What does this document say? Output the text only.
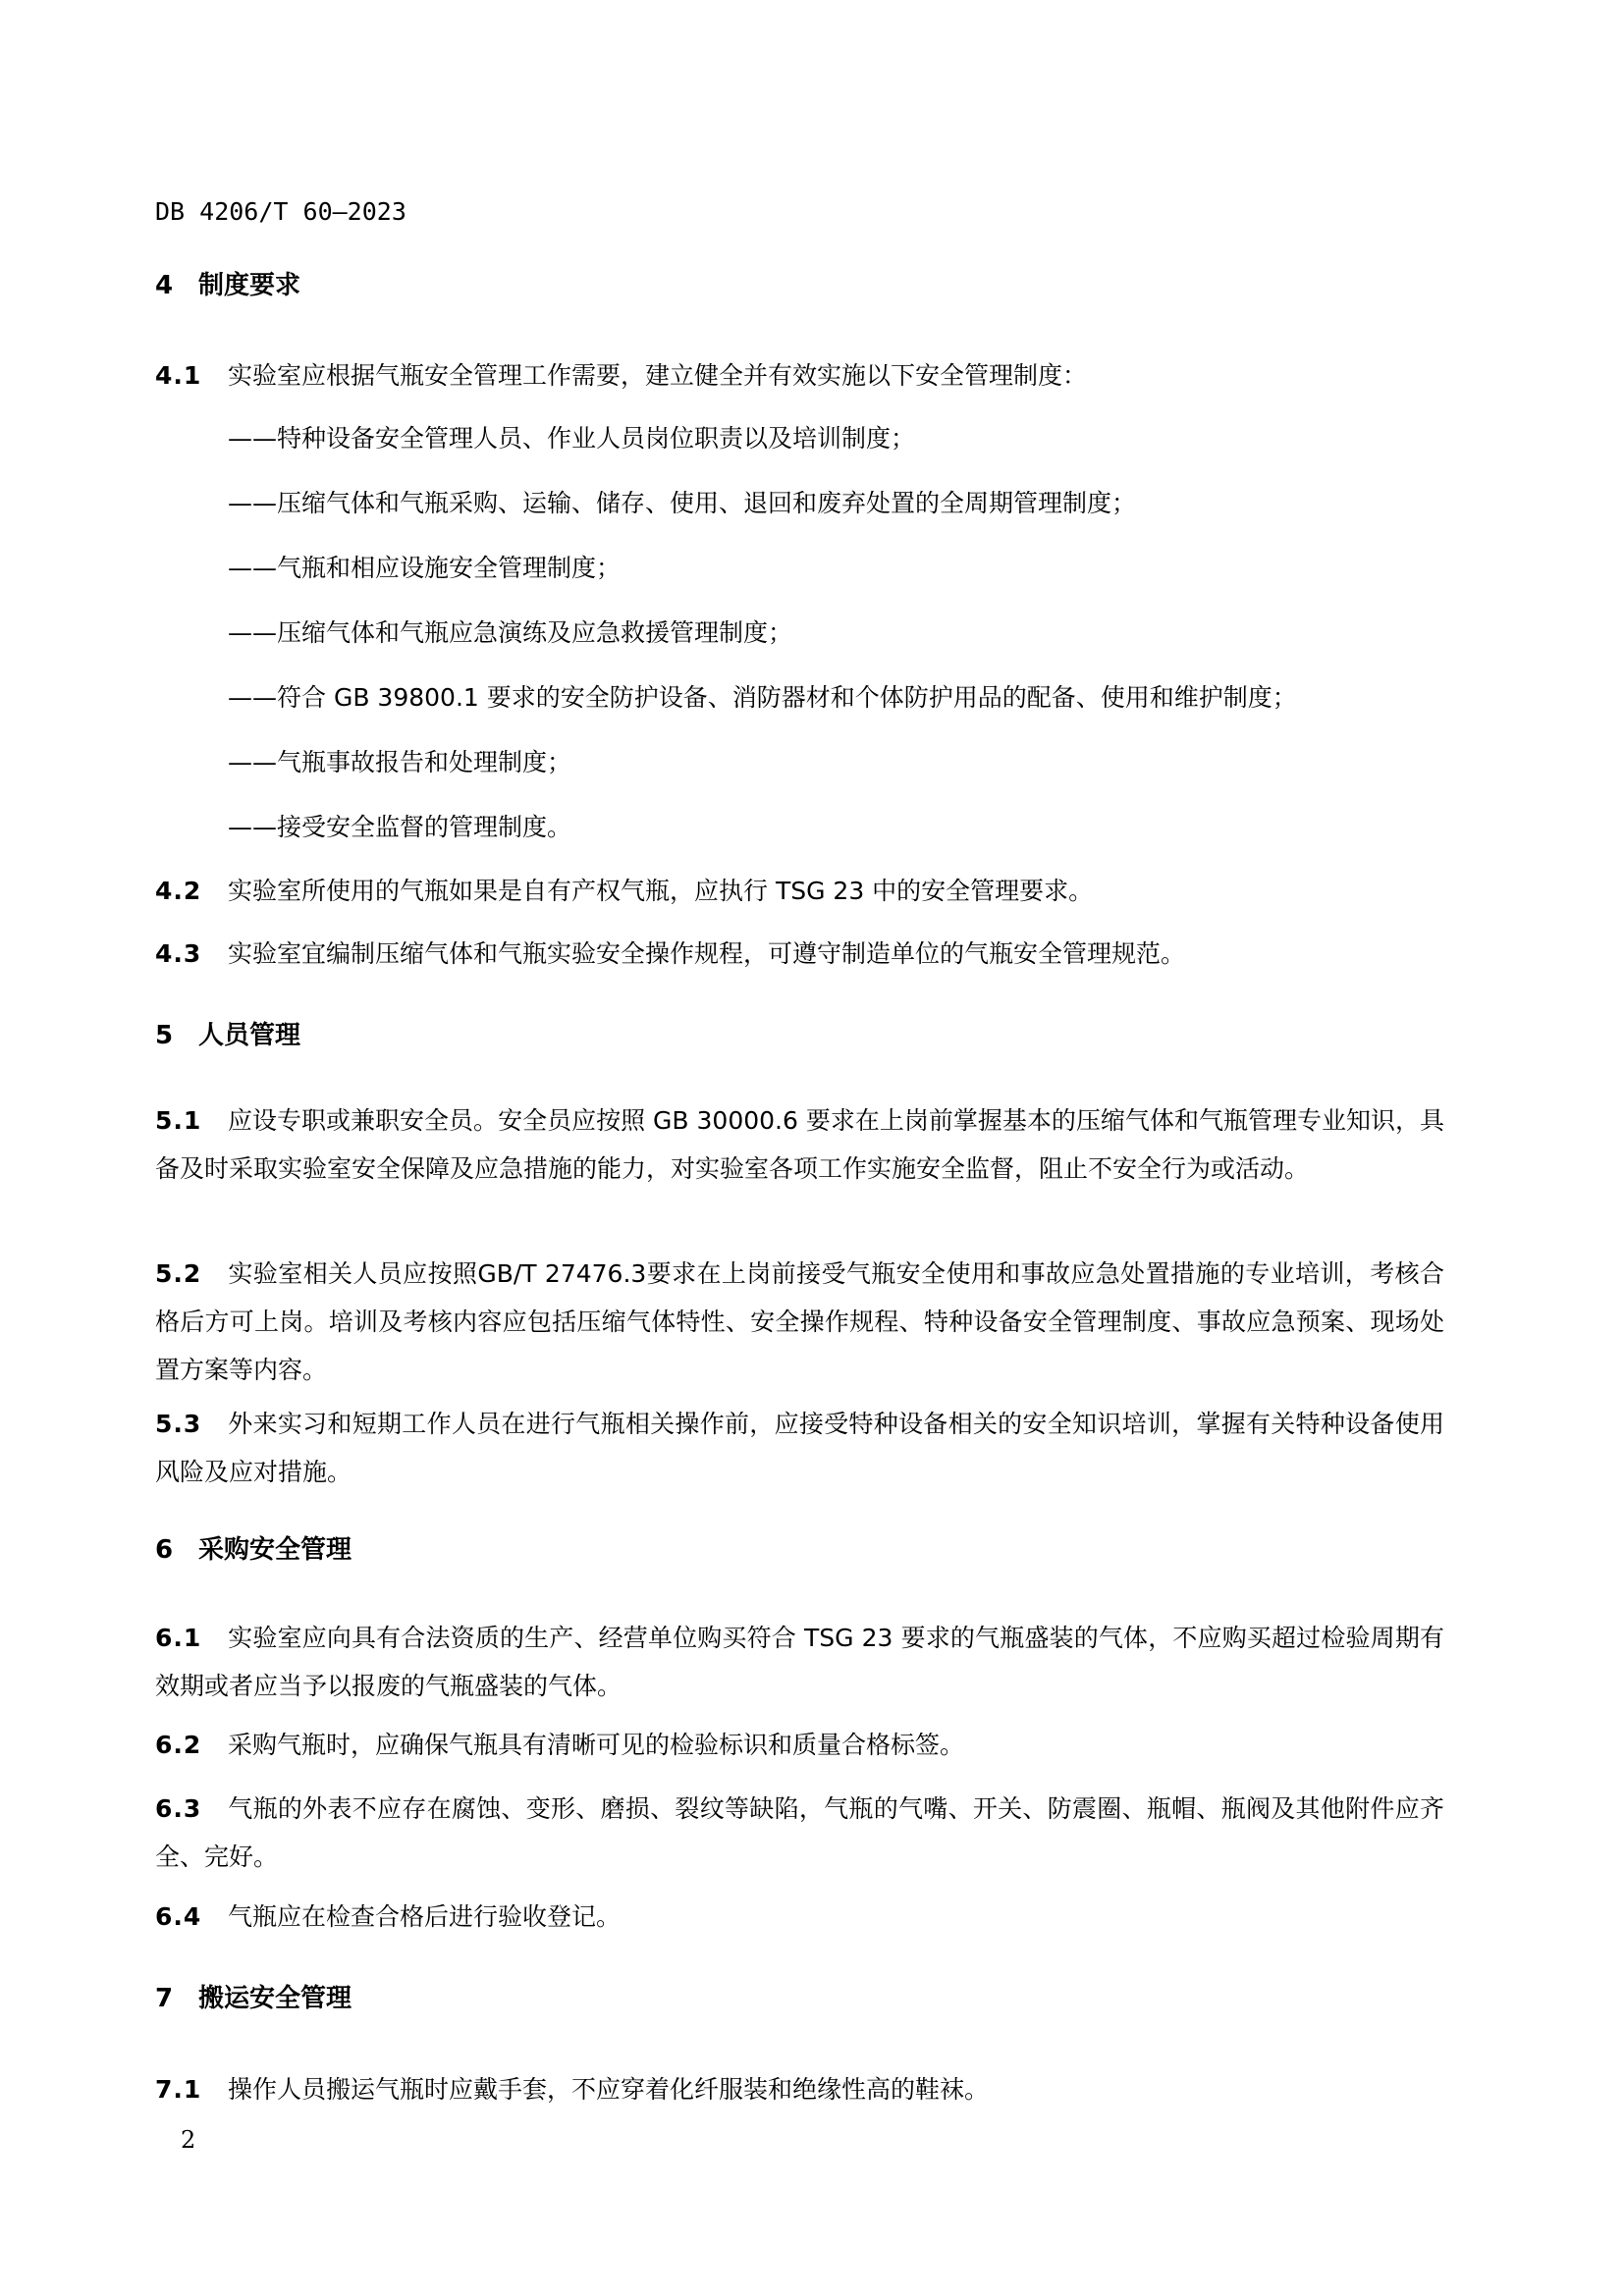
DB 4206/T 60—2023
4 制度要求
4.1 实验室应根据气瓶安全管理工作需要，建立健全并有效实施以下安全管理制度：
——特种设备安全管理人员、作业人员岗位职责以及培训制度；
——压缩气体和气瓶采购、运输、储存、使用、退回和废弃处置的全周期管理制度；
——气瓶和相应设施安全管理制度；
——压缩气体和气瓶应急演练及应急救援管理制度；
——符合 GB 39800.1 要求的安全防护设备、消防器材和个体防护用品的配备、使用和维护制度；
——气瓶事故报告和处理制度；
——接受安全监督的管理制度。
4.2 实验室所使用的气瓶如果是自有产权气瓶，应执行 TSG 23 中的安全管理要求。
4.3 实验室宜编制压缩气体和气瓶实验安全操作规程，可遵守制造单位的气瓶安全管理规范。
5 人员管理
5.1 应设专职或兼职安全员。安全员应按照 GB 30000.6 要求在上岗前掌握基本的压缩气体和气瓶管理专业知识，具备及时采取实验室安全保障及应急措施的能力，对实验室各项工作实施安全监督，阻止不安全行为或活动。
5.2 实验室相关人员应按照GB/T 27476.3要求在上岗前接受气瓶安全使用和事故应急处置措施的专业培训，考核合格后方可上岗。培训及考核内容应包括压缩气体特性、安全操作规程、特种设备安全管理制度、事故应急预案、现场处置方案等内容。
5.3 外来实习和短期工作人员在进行气瓶相关操作前，应接受特种设备相关的安全知识培训，掌握有关特种设备使用风险及应对措施。
6 采购安全管理
6.1 实验室应向具有合法资质的生产、经营单位购买符合 TSG 23 要求的气瓶盛装的气体，不应购买超过检验周期有效期或者应当予以报废的气瓶盛装的气体。
6.2 采购气瓶时，应确保气瓶具有清晰可见的检验标识和质量合格标签。
6.3 气瓶的外表不应存在腐蚀、变形、磨损、裂纹等缺陷，气瓶的气嘴、开关、防震圈、瓶帽、瓶阀及其他附件应齐全、完好。
6.4 气瓶应在检查合格后进行验收登记。
7 搬运安全管理
7.1 操作人员搬运气瓶时应戴手套，不应穿着化纤服装和绝缘性高的鞋袜。
2
